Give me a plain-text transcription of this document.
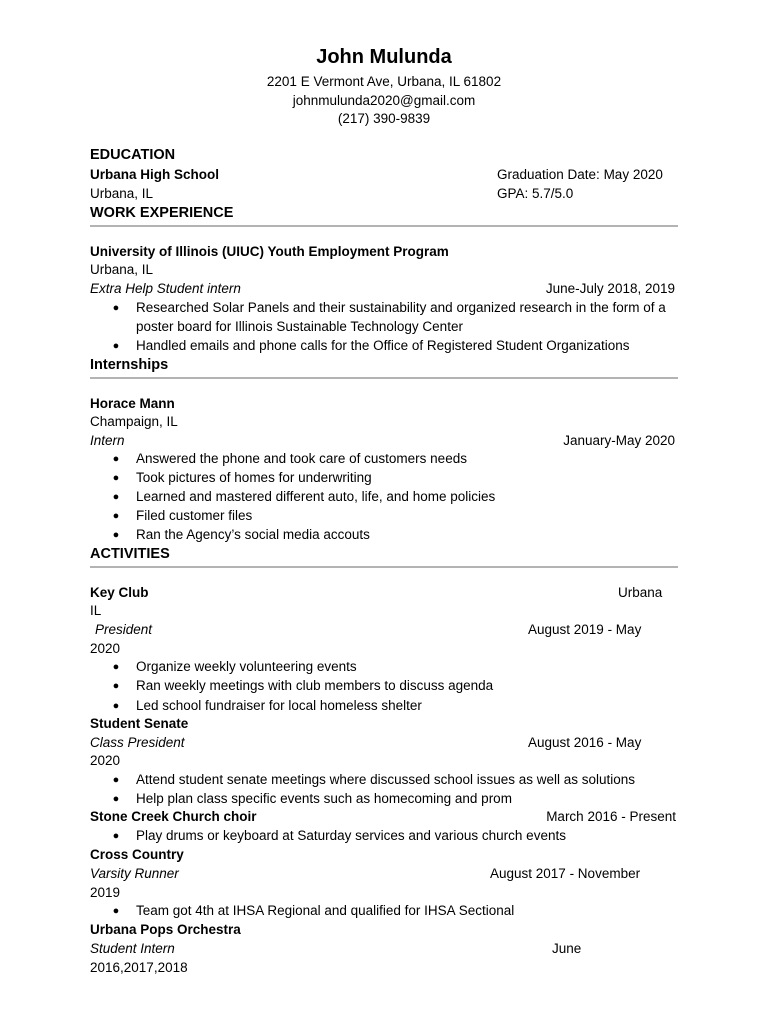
John Mulunda
2201 E Vermont Ave, Urbana, IL 61802
johnmulunda2020@gmail.com
(217) 390-9839
EDUCATION
Urbana High School	Graduation Date: May 2020
Urbana, IL	GPA: 5.7/5.0
WORK EXPERIENCE
University of Illinois (UIUC) Youth Employment Program
Urbana, IL
Extra Help Student intern	June-July 2018, 2019
● Researched Solar Panels and their sustainability and organized research in the form of a
poster board for Illinois Sustainable Technology Center
● Handled emails and phone calls for the Office of Registered Student Organizations
Internships
Horace Mann
Champaign, IL
Intern	January-May 2020
● Answered the phone and took care of customers needs
● Took pictures of homes for underwriting
● Learned and mastered different auto, life, and home policies
● Filed customer files
● Ran the Agency’s social media accouts
ACTIVITIES
Key Club	Urbana
IL
President	August 2019 - May
2020
● Organize weekly volunteering events
● Ran weekly meetings with club members to discuss agenda
● Led school fundraiser for local homeless shelter
Student Senate
Class President	August 2016 - May
2020
● Attend student senate meetings where discussed school issues as well as solutions
● Help plan class specific events such as homecoming and prom
Stone Creek Church choir	March 2016 - Present
● Play drums or keyboard at Saturday services and various church events
Cross Country
Varsity Runner	August 2017 - November
2019
● Team got 4th at IHSA Regional and qualified for IHSA Sectional
Urbana Pops Orchestra
Student Intern	June
2016,2017,2018
